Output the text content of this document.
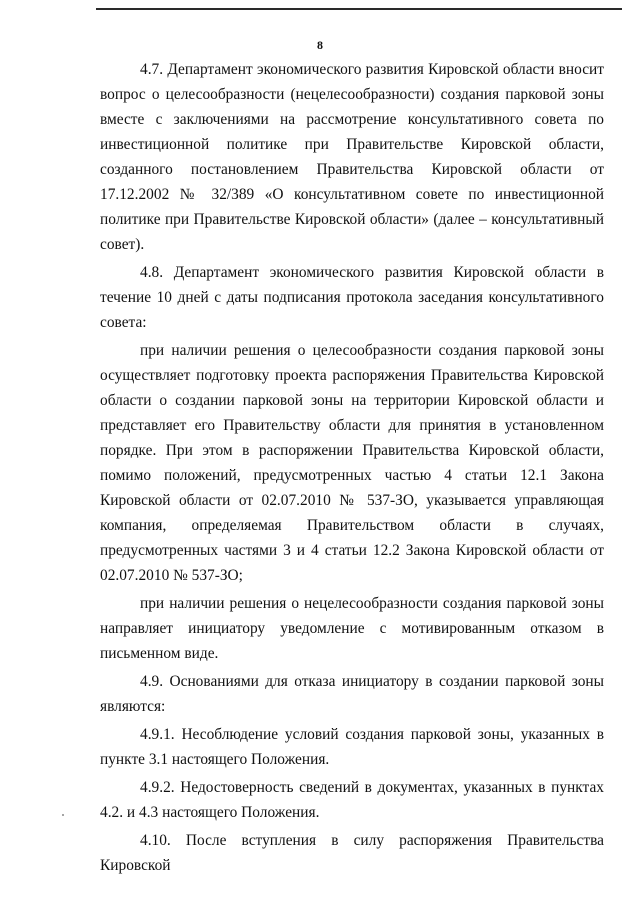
8

4.7. Департамент экономического развития Кировской области вносит вопрос о целесообразности (нецелесообразности) создания парковой зоны вместе с заключениями на рассмотрение консультативного совета по инвестиционной политике при Правительстве Кировской области, созданного постановлением Правительства Кировской области от 17.12.2002 № 32/389 «О консультативном совете по инвестиционной политике при Правительстве Кировской области» (далее – консультативный совет).

4.8. Департамент экономического развития Кировской области в течение 10 дней с даты подписания протокола заседания консультативного совета:

при наличии решения о целесообразности создания парковой зоны осуществляет подготовку проекта распоряжения Правительства Кировской области о создании парковой зоны на территории Кировской области и представляет его Правительству области для принятия в установленном порядке. При этом в распоряжении Правительства Кировской области, помимо положений, предусмотренных частью 4 статьи 12.1 Закона Кировской области от 02.07.2010 № 537-ЗО, указывается управляющая компания, определяемая Правительством области в случаях, предусмотренных частями 3 и 4 статьи 12.2 Закона Кировской области от 02.07.2010 № 537-ЗО;

при наличии решения о нецелесообразности создания парковой зоны направляет инициатору уведомление с мотивированным отказом в письменном виде.

4.9. Основаниями для отказа инициатору в создании парковой зоны являются:

4.9.1. Несоблюдение условий создания парковой зоны, указанных в пункте 3.1 настоящего Положения.

4.9.2. Недостоверность сведений в документах, указанных в пунктах 4.2. и 4.3 настоящего Положения.

4.10. После вступления в силу распоряжения Правительства Кировской
